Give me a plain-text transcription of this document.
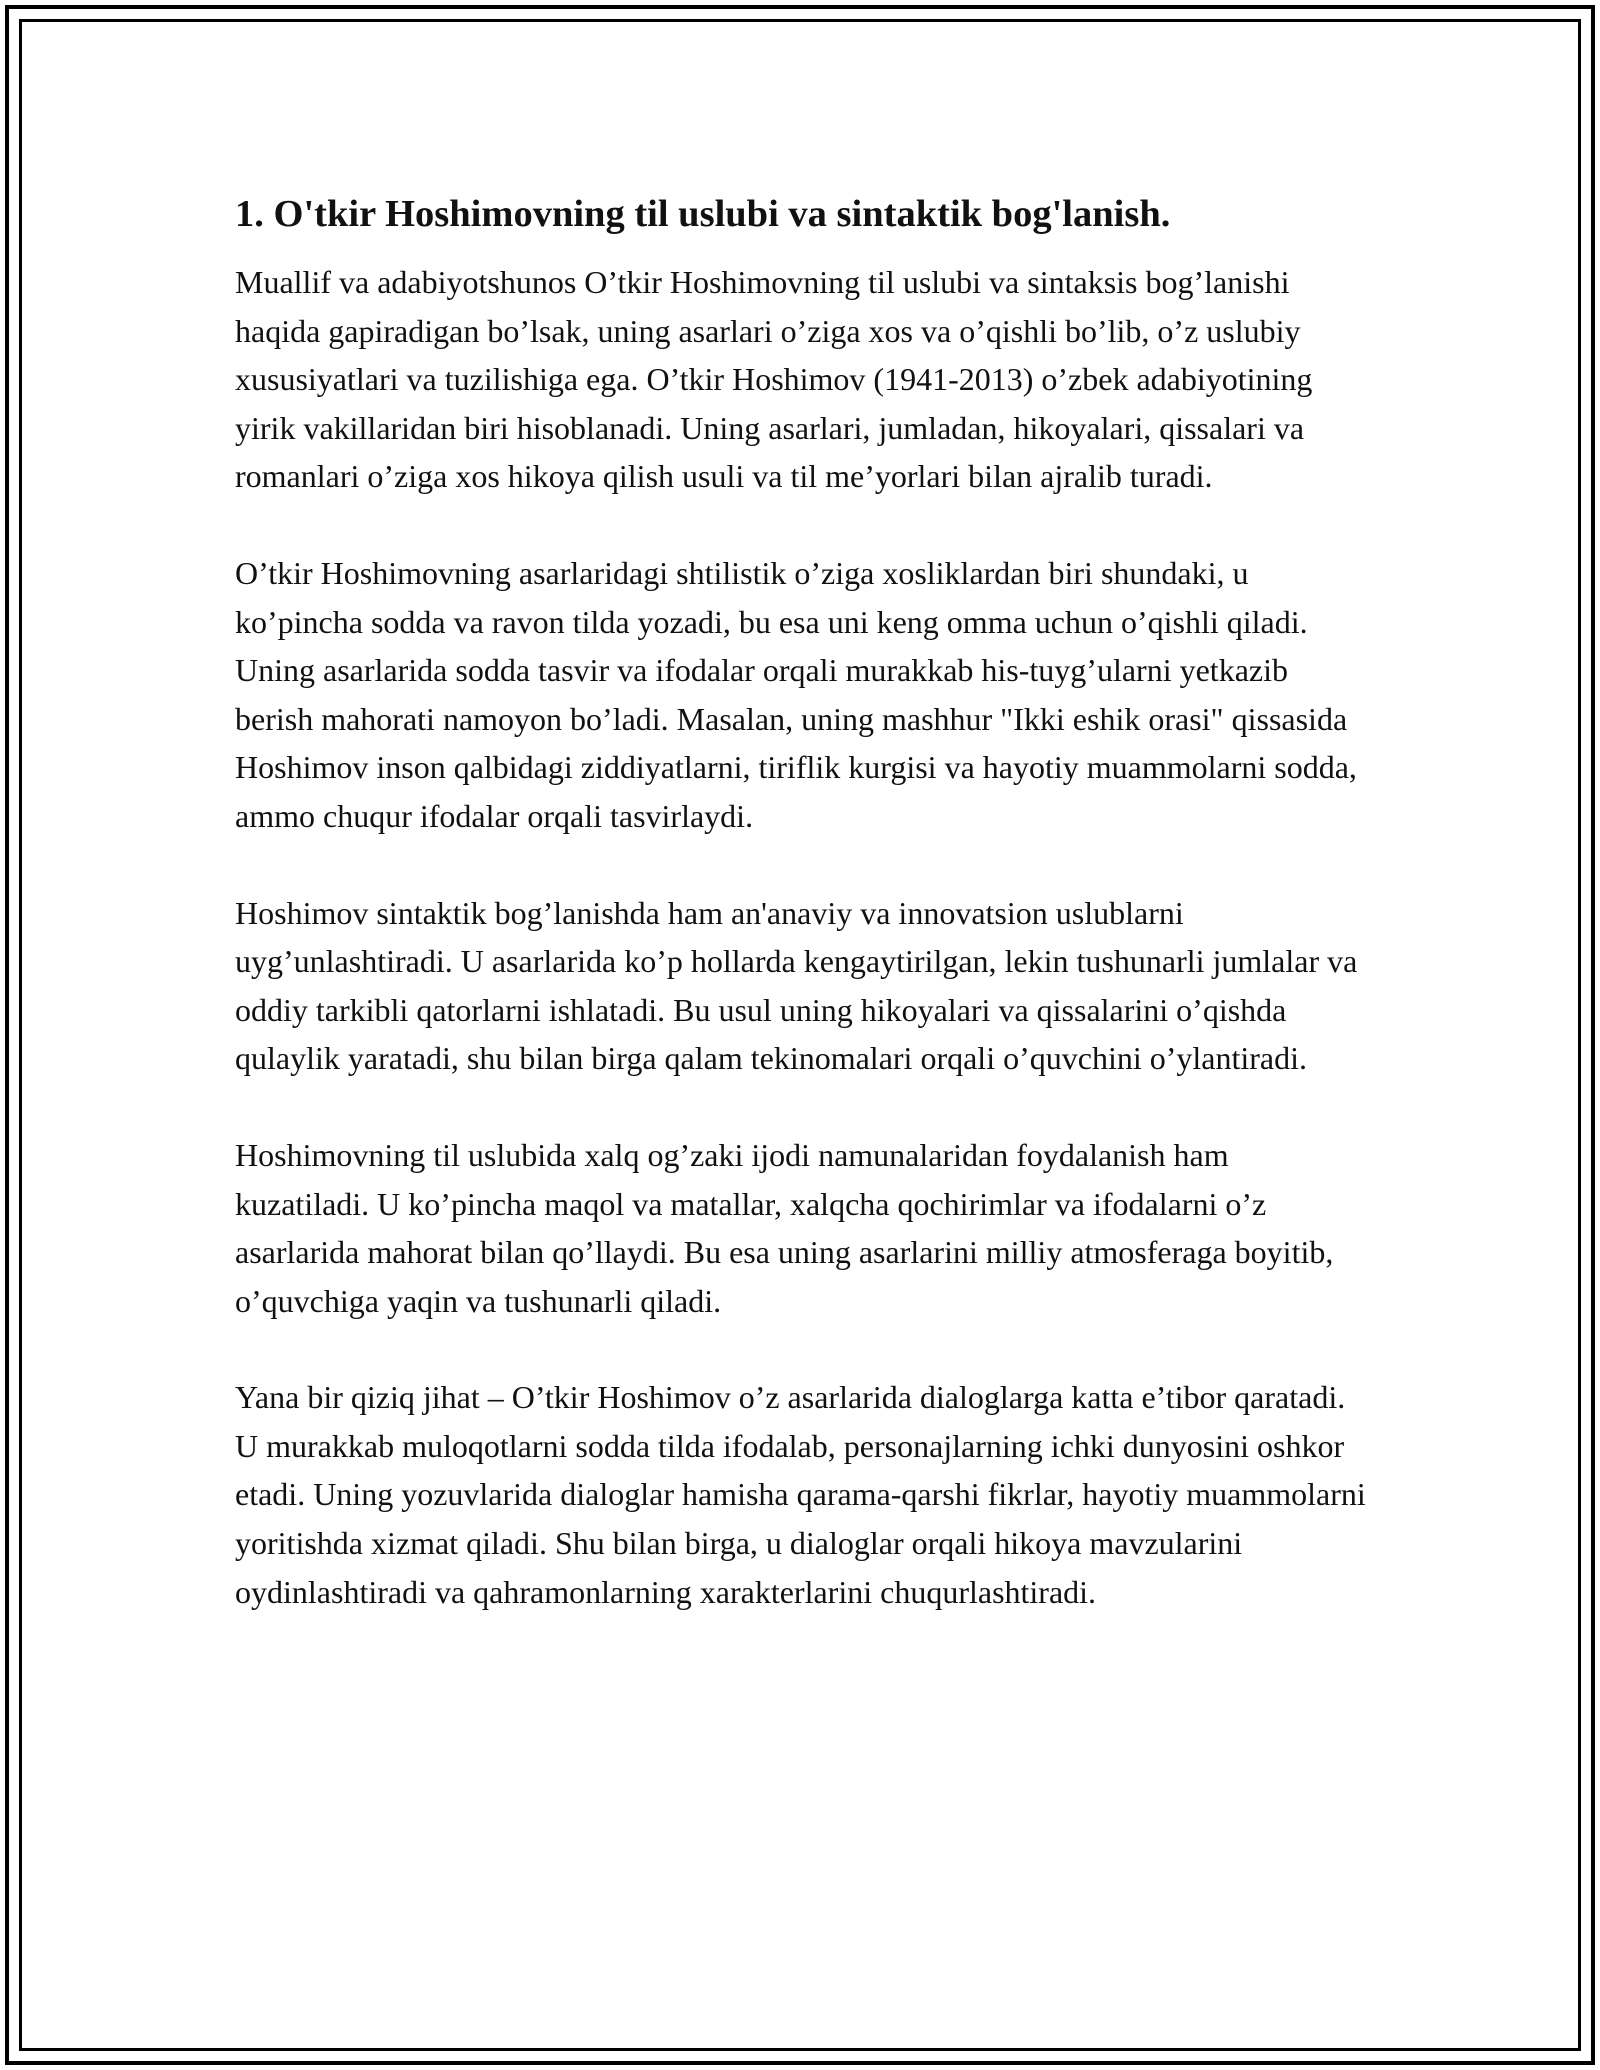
1. O'tkir Hoshimovning til uslubi va sintaktik bog'lanish.

Muallif va adabiyotshunos O’tkir Hoshimovning til uslubi va sintaksis bog’lanishi haqida gapiradigan bo’lsak, uning asarlari o’ziga xos va o’qishli bo’lib, o’z uslubiy xususiyatlari va tuzilishiga ega. O’tkir Hoshimov (1941-2013) o’zbek adabiyotining yirik vakillaridan biri hisoblanadi. Uning asarlari, jumladan, hikoyalari, qissalari va romanlari o’ziga xos hikoya qilish usuli va til me’yorlari bilan ajralib turadi.

O’tkir Hoshimovning asarlaridagi shtilistik o’ziga xosliklardan biri shundaki, u ko’pincha sodda va ravon tilda yozadi, bu esa uni keng omma uchun o’qishli qiladi. Uning asarlarida sodda tasvir va ifodalar orqali murakkab his-tuyg’ularni yetkazib berish mahorati namoyon bo’ladi. Masalan, uning mashhur "Ikki eshik orasi" qissasida Hoshimov inson qalbidagi ziddiyatlarni, tiriflik kurgisi va hayotiy muammolarni sodda, ammo chuqur ifodalar orqali tasvirlaydi.

Hoshimov sintaktik bog’lanishda ham an'anaviy va innovatsion uslublarni uyg’unlashtiradi. U asarlarida ko’p hollarda kengaytirilgan, lekin tushunarli jumlalar va oddiy tarkibli qatorlarni ishlatadi. Bu usul uning hikoyalari va qissalarini o’qishda qulaylik yaratadi, shu bilan birga qalam tekinomalari orqali o’quvchini o’ylantiradi.

Hoshimovning til uslubida xalq og’zaki ijodi namunalaridan foydalanish ham kuzatiladi. U ko’pincha maqol va matallar, xalqcha qochirimlar va ifodalarni o’z asarlarida mahorat bilan qo’llaydi. Bu esa uning asarlarini milliy atmosferaga boyitib, o’quvchiga yaqin va tushunarli qiladi.

Yana bir qiziq jihat – O’tkir Hoshimov o’z asarlarida dialoglarga katta e’tibor qaratadi. U murakkab muloqotlarni sodda tilda ifodalab, personajlarning ichki dunyosini oshkor etadi. Uning yozuvlarida dialoglar hamisha qarama-qarshi fikrlar, hayotiy muammolarni yoritishda xizmat qiladi. Shu bilan birga, u dialoglar orqali hikoya mavzularini oydinlashtiradi va qahramonlarning xarakterlarini chuqurlashtiradi.
